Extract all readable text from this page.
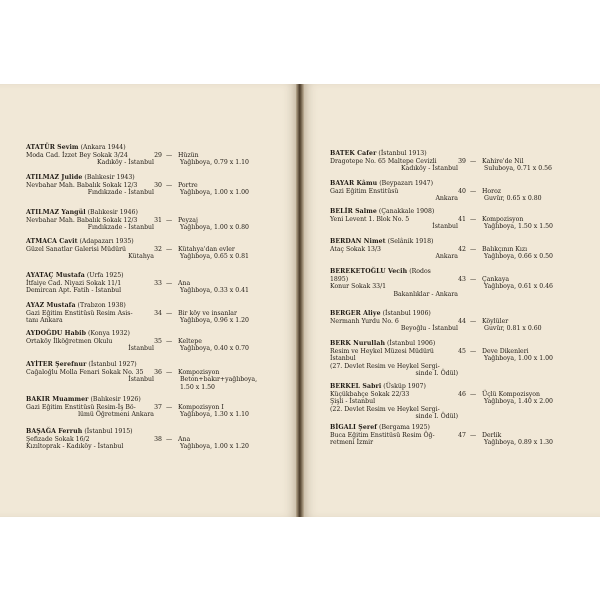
ATATÜR Sevim (Ankara 1944)
Moda Cad. İzzet Bey Sokak 3/24
Kadıköy - İstanbul
29 — Hüzün
Yağlıboya, 0.79 x 1.10
ATILMAZ Julide (Balıkesir 1943)
Nevbahar Mah. Babalık Sokak 12/3
Fındıkzade - İstanbul
30 — Portre
Yağlıboya, 1.00 x 1.00
ATILMAZ Yangül (Balıkesir 1946)
Nevbahar Mah. Babalık Sokak 12/3
Fındıkzade - İstanbul
31 — Peyzaj
Yağlıboya, 1.00 x 0.80
ATMACA Cavit (Adapazarı 1935)
Güzel Sanatlar Galerisi Müdürü
Kütahya
32 — Kütahya'dan evler
Yağlıboya, 0.65 x 0.81
AYATAÇ Mustafa (Urfa 1925)
İtfaiye Cad. Niyazi Sokak 11/1
Demircan Apt. Fatih - İstanbul
33 — Ana
Yağlıboya, 0.33 x 0.41
AYAZ Mustafa (Trabzon 1938)
Gazi Eğitim Enstitüsü Resim Asis-
tanı Ankara
34 — Bir köy ve insanlar
Yağlıboya, 0.96 x 1.20
AYDOĞDU Habib (Konya 1932)
Ortaköy İlköğretmen Okulu
İstanbul
35 — Keltepe
Yağlıboya, 0.40 x 0.70
AYİTER Şerefnur (İstanbul 1927)
Cağaloğlu Molla Fenari Sokak No. 35
İstanbul
36 — Kompozisyon
Beton+bakır+yağlıboya,
1.50 x 1.50
BAKIR Muammer (Balıkesir 1926)
Gazi Eğitim Enstitüsü Resim-İş Bö-
lümü Öğretmeni Ankara
37 — Kompozisyon I
Yağlıboya, 1.30 x 1.10
BAŞAĞA Ferruh (İstanbul 1915)
Şefizade Sokak 16/2
Kızıltoprak - Kadıköy - İstanbul
38 — Ana
Yağlıboya, 1.00 x 1.20
BATEK Cafer (İstanbul 1913)
Dragotepe No. 65 Maltepe Cevizli
Kadıköy - İstanbul
39 — Kahire'de Nil
Suluboya, 0.71 x 0.56
BAYAR Kâmu (Beypazarı 1947)
Gazi Eğitim Enstitüsü
Ankara
40 — Horoz
Guvür, 0.65 x 0.80
BELİR Salme (Çanakkale 1908)
Yeni Levent 1. Blok No. 5
İstanbul
41 — Kompozisyon
Yağlıboya, 1.50 x 1.50
BERDAN Nimet (Selânik 1918)
Ataç Sokak 13/3
Ankara
42 — Balıkçının Kızı
Yağlıboya, 0.66 x 0.50
BEREKETOĞLU Vecih (Rodos
1895)
Konur Sokak 33/1
Bakanlıklar - Ankara
43 — Çankaya
Yağlıboya, 0.61 x 0.46
BERGER Aliye (İstanbul 1906)
Nermanh Yurdu No. 6
Beyoğlu - İstanbul
44 — Köylüler
Guvür, 0.81 x 0.60
BERK Nurullah (İstanbul 1906)
Resim ve Heykel Müzesi Müdürü
İstanbul
(27. Devlet Resim ve Heykel Sergi-
sinde I. Ödül)
45 — Deve Dikenleri
Yağlıboya, 1.00 x 1.00
BERKEL Sabri (Üsküp 1907)
Küçükbahçe Sokak 22/33
Şişli - İstanbul
(22. Devlet Resim ve Heykel Sergi-
sinde I. Ödül)
46 — Üçlü Kompozisyon
Yağlıboya, 1.40 x 2.00
BİGALI Şeref (Bergama 1925)
Buca Eğitim Enstitüsü Resim Öğ-
retmeni İzmir
47 — Derlik
Yağlıboya, 0.89 x 1.30
